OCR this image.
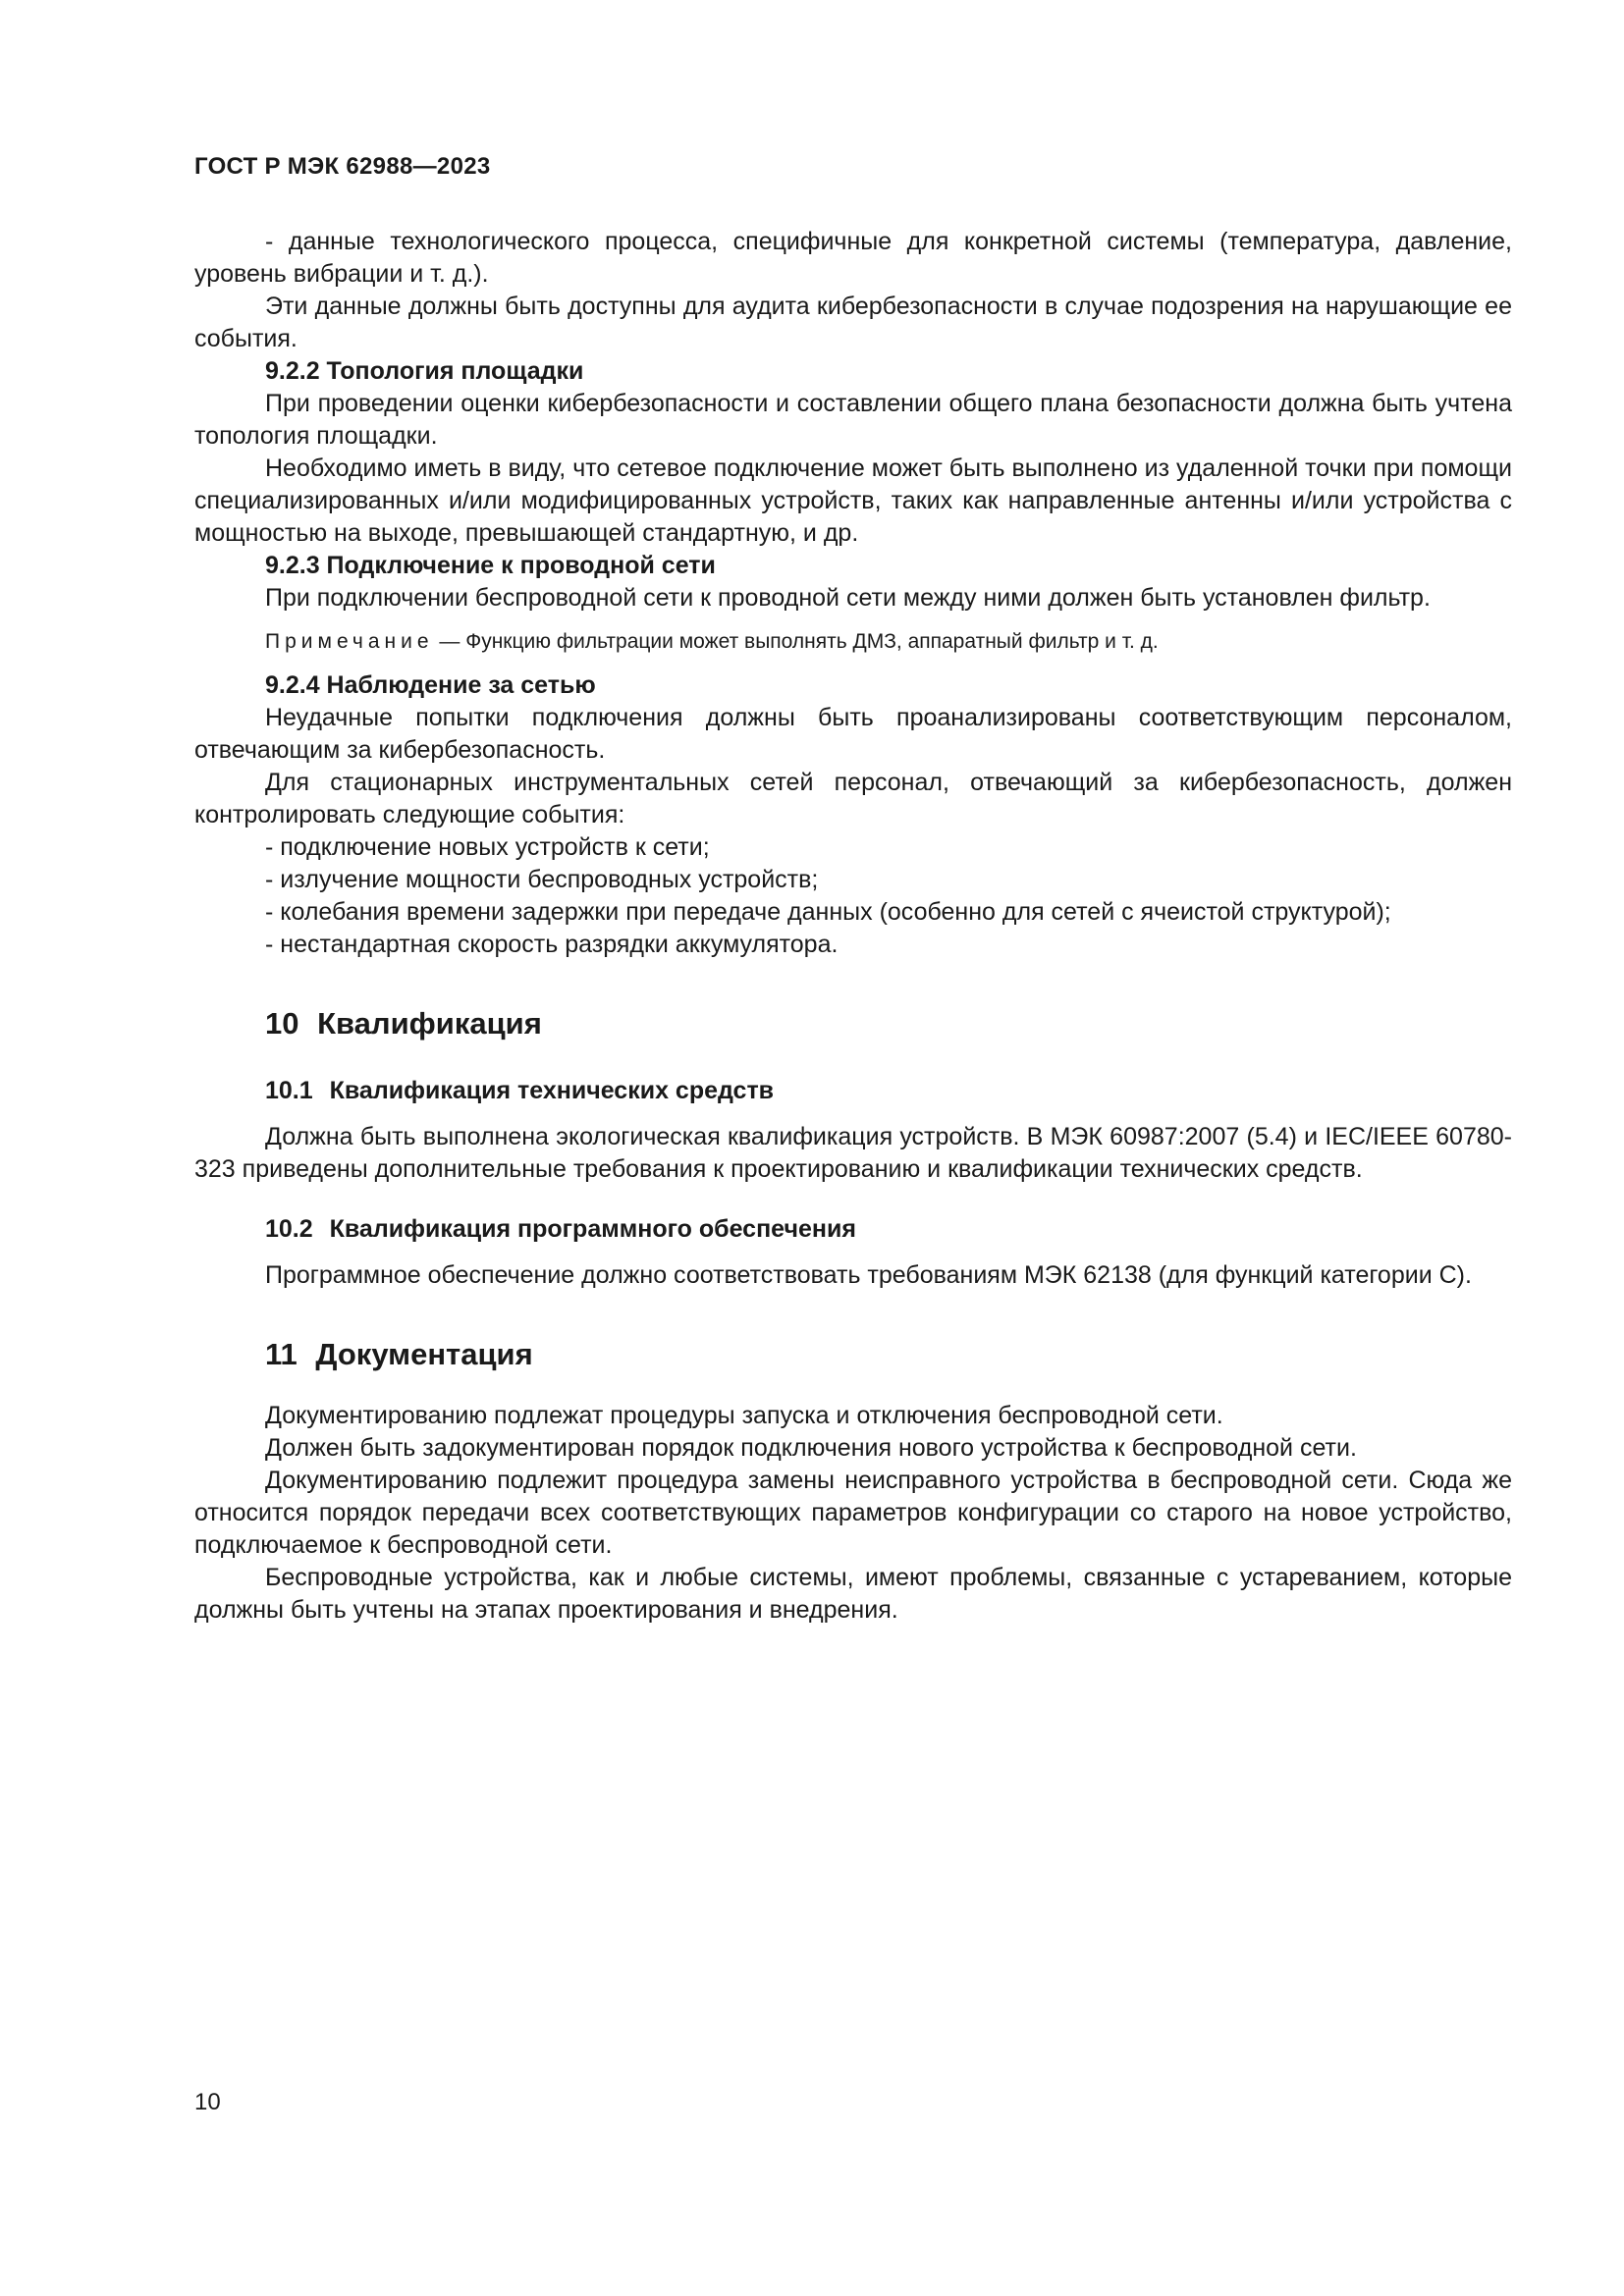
ГОСТ Р МЭК 62988—2023

- данные технологического процесса, специфичные для конкретной системы (температура, давление, уровень вибрации и т. д.).

Эти данные должны быть доступны для аудита кибербезопасности в случае подозрения на нарушающие ее события.

9.2.2 Топология площадки

При проведении оценки кибербезопасности и составлении общего плана безопасности должна быть учтена топология площадки.

Необходимо иметь в виду, что сетевое подключение может быть выполнено из удаленной точки при помощи специализированных и/или модифицированных устройств, таких как направленные антенны и/или устройства с мощностью на выходе, превышающей стандартную, и др.

9.2.3 Подключение к проводной сети

При подключении беспроводной сети к проводной сети между ними должен быть установлен фильтр.

Примечание — Функцию фильтрации может выполнять ДМЗ, аппаратный фильтр и т. д.
9.2.4 Наблюдение за сетью

Неудачные попытки подключения должны быть проанализированы соответствующим персоналом, отвечающим за кибербезопасность.

Для стационарных инструментальных сетей персонал, отвечающий за кибербезопасность, должен контролировать следующие события:

- подключение новых устройств к сети;

- излучение мощности беспроводных устройств;

- колебания времени задержки при передаче данных (особенно для сетей с ячеистой структурой);

- нестандартная скорость разрядки аккумулятора.

10 Квалификация
10.1 Квалификация технических средств

Должна быть выполнена экологическая квалификация устройств. В МЭК 60987:2007 (5.4) и IEC/IEEE 60780-323 приведены дополнительные требования к проектированию и квалификации технических средств.

10.2 Квалификация программного обеспечения

Программное обеспечение должно соответствовать требованиям МЭК 62138 (для функций категории С).

11 Документация

Документированию подлежат процедуры запуска и отключения беспроводной сети.

Должен быть задокументирован порядок подключения нового устройства к беспроводной сети.

Документированию подлежит процедура замены неисправного устройства в беспроводной сети. Сюда же относится порядок передачи всех соответствующих параметров конфигурации со старого на новое устройство, подключаемое к беспроводной сети.

Беспроводные устройства, как и любые системы, имеют проблемы, связанные с устареванием, которые должны быть учтены на этапах проектирования и внедрения.

10
